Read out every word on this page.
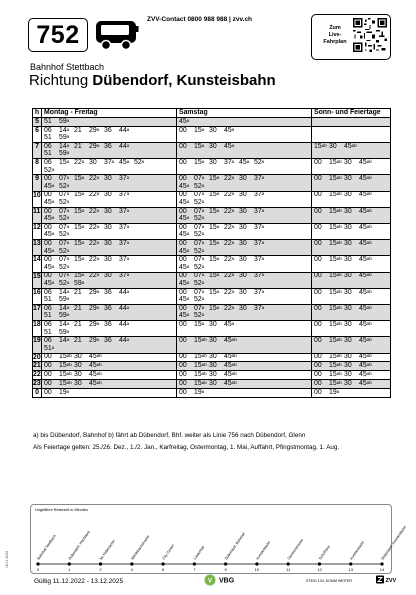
752
ZVV-Contact 0800 988 988 | zvv.ch
Zum
Live-
Fahrplan
Bahnhof Stettbach
Richtung Dübendorf, Kunsteisbahn
h	Montag - Freitag	Samstag	Sonn- und Feiertage
5	51 59$^a$	45$^a$

6	06 14$^a$ 21 29$^a$ 36 44$^a$
51 59$^a$	00 15$^a$ 30 45$^a$

7	06 14$^a$ 21 29$^a$ 36 44$^a$
51 59$^a$	00 15$^a$ 30 45$^a$	$15^{ab}$ 30 $45^{ab}$

8	06 15$^a$ 22$^a$ 30 37$^a$ 45$^a$ 52$^a$
52$^a$	00 15$^a$ 30 37$^a$ 45$^a$ 52$^a$	00 $15^{ab}$ 30 $45^{ab}$

9	00 07$^a$ 15$^a$ 22$^a$ 30 37$^a$
45$^a$ 52$^a$	00 07$^a$ 15$^a$ 22$^a$ 30 37$^a$
45$^a$ 52$^a$	00 $15^{ab}$ 30 $45^{ab}$

10	00 07$^a$ 15$^a$ 22$^a$ 30 37$^a$
45$^a$ 52$^a$	00 07$^a$ 15$^a$ 22$^a$ 30 37$^a$
45$^a$ 52$^a$	00 $15^{ab}$ 30 $45^{ab}$

11	00 07$^a$ 15$^a$ 22$^a$ 30 37$^a$
45$^a$ 52$^a$	00 07$^a$ 15$^a$ 22$^a$ 30 37$^a$
45$^a$ 52$^a$	00 $15^{ab}$ 30 $45^{ab}$

12	00 07$^a$ 15$^a$ 22$^a$ 30 37$^a$
45$^a$ 52$^a$	00 07$^a$ 15$^a$ 22$^a$ 30 37$^a$
45$^a$ 52$^a$	00 $15^{ab}$ 30 $45^{ab}$

13	00 07$^a$ 15$^a$ 22$^a$ 30 37$^a$
45$^a$ 52$^a$	00 07$^a$ 15$^a$ 22$^a$ 30 37$^a$
45$^a$ 52$^a$	00 $15^{ab}$ 30 $45^{ab}$

14	00 07$^a$ 15$^a$ 22$^a$ 30 37$^a$
45$^a$ 52$^a$	00 07$^a$ 15$^a$ 22$^a$ 30 37$^a$
45$^a$ 52$^a$	00 $15^{ab}$ 30 $45^{ab}$

15	00 07$^a$ 15$^a$ 22$^a$ 30 37$^a$
45$^a$ 52$^a$ 59$^a$	00 07$^a$ 15$^a$ 22$^a$ 30 37$^a$
45$^a$ 52$^a$	00 $15^{ab}$ 30 $45^{ab}$

16	06 14$^a$ 21 29$^a$ 36 44$^a$
51 59$^a$	00 07$^a$ 15$^a$ 22$^a$ 30 37$^a$
45$^a$ 52$^a$	00 $15^{ab}$ 30 $45^{ab}$

17	06 14$^a$ 21 29$^a$ 36 44$^a$
51 59$^a$	00 07$^a$ 15$^a$ 22$^a$ 30 37$^a$
45$^a$ 52$^a$	00 $15^{ab}$ 30 $45^{ab}$

18	06 14$^a$ 21 29$^a$ 36 44$^a$
51 59$^a$	00 15$^a$ 30 45$^a$	00 $15^{ab}$ 30 $45^{ab}$

19	06 14$^a$ 21 29$^a$ 36 44$^a$
51$^a$	00 $15^{ab}$ 30 $45^{ab}$	00 $15^{ab}$ 30 $45^{ab}$

20	00 $15^{ab}$ 30 $45^{ab}$	00 $15^{ab}$ 30 $45^{ab}$	00 $15^{ab}$ 30 $45^{ab}$

21	00 $15^{ab}$ 30 $45^{ab}$	00 $15^{ab}$ 30 $45^{ab}$	00 $15^{ab}$ 30 $45^{ab}$

22	00 $15^{ab}$ 30 $45^{ab}$	00 $15^{ab}$ 30 $45^{ab}$	00 $15^{ab}$ 30 $45^{ab}$

23	00 $15^{ab}$ 30 $45^{ab}$	00 $15^{ab}$ 30 $45^{ab}$	00 $15^{ab}$ 30 $45^{ab}$

0	00 19$^a$	00 19$^a$	00 19$^a$

a) bis Dübendorf, Bahnhof b) fährt ab Dübendorf, Bhf. weiter als Linie 756 nach Dübendorf, Glenn

Als Feiertage gelten: 25./26. Dez., 1./2. Jan., Karfreitag, Ostermontag, 1. Mai, Auffahrt, Pfingstmontag, 1. Aug.

Ungefähre Reisezeit in Minuten
Bahnhof Stettbach
0
Dübendorf, Hochbord
1
Im Haberacher
2
Mühlebachstrasse
4
City Center
5
Lindenhof
7
Dübendorf, Bahnhof
9
Kunsteisbahn
10
Giessenstrasse
11
Schulhaus
12
Kunsteisbahn
13
Dübendorf, Kunsteisbahn
14
Gültig 11.12.2022 - 13.12.2025	V VBG	STEIG 134, KOMM WEITER.	ZVV
18.11.2022
